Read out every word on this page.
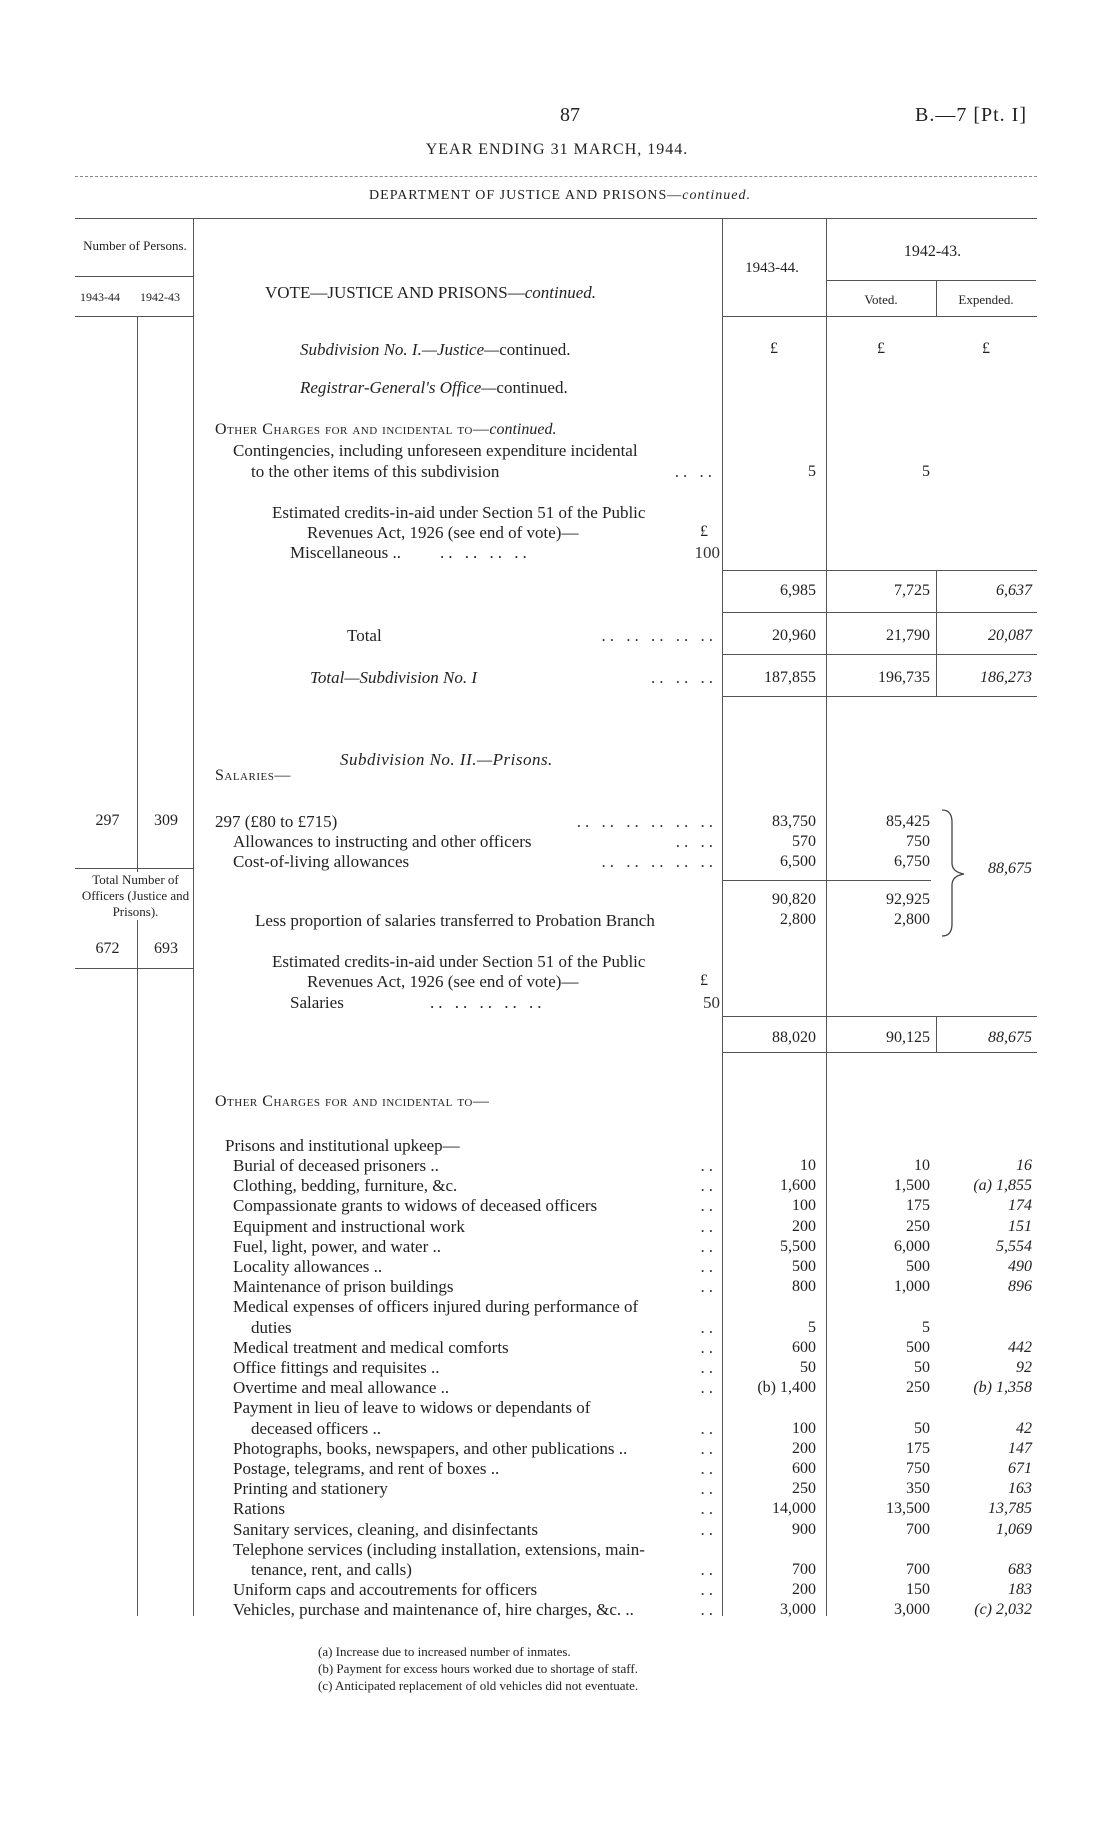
87	B.—7 [Pt. I]
YEAR ENDING 31 MARCH, 1944.
DEPARTMENT OF JUSTICE AND PRISONS—continued.
Number of Persons.
1943-44 1942-43	VOTE—JUSTICE AND PRISONS—continued.
1943-44.
1942-43.
Voted.	Expended.
£	£	£
Subdivision No. I.—Justice—continued.
Registrar-General's Office—continued.
Other Charges for and incidental to—continued.
Contingencies, including unforeseen expenditure incidental
to the other items of this subdivision	.. ..	5	5
Estimated credits-in-aid under Section 51 of the Public
Revenues Act, 1926 (see end of vote)—	£
Miscellaneous .. .. .. .. ..	100
6,985	7,725	6,637
Total	.. .. .. .. ..	20,960	21,790	20,087
Total—Subdivision No. I	.. .. ..	187,855	196,735	186,273
Subdivision No. II.—Prisons.
Salaries—
297	309
Total Number of Officers (Justice and Prisons).
672	693
297 (£80 to £715)	.. .. .. .. .. ..	83,750	85,425
Allowances to instructing and other officers	.. ..	570	750
Cost-of-living allowances	.. .. .. .. ..	6,500	6,750
90,820	92,925
Less proportion of salaries transferred to Probation Branch	2,800	2,800
88,675
Estimated credits-in-aid under Section 51 of the Public
Revenues Act, 1926 (see end of vote)—	£
Salaries	.. .. .. .. ..	50
88,020	90,125	88,675
Other Charges for and incidental to—
Prisons and institutional upkeep—
Burial of deceased prisoners ..	..	10	10	16
Clothing, bedding, furniture, &c.	..	1,600	1,500	(a) 1,855
Compassionate grants to widows of deceased officers	..	100	175	174
Equipment and instructional work	..	200	250	151
Fuel, light, power, and water ..	..	5,500	6,000	5,554
Locality allowances ..	..	500	500	490
Maintenance of prison buildings	..	800	1,000	896
Medical expenses of officers injured during performance of
duties	..	5	5
Medical treatment and medical comforts	..	600	500	442
Office fittings and requisites ..	..	50	50	92
Overtime and meal allowance ..	..	(b) 1,400	250	(b) 1,358
Payment in lieu of leave to widows or dependants of
deceased officers ..	..	100	50	42
Photographs, books, newspapers, and other publications ..	..	200	175	147
Postage, telegrams, and rent of boxes ..	..	600	750	671
Printing and stationery	..	250	350	163
Rations	..	14,000	13,500	13,785
Sanitary services, cleaning, and disinfectants	..	900	700	1,069
Telephone services (including installation, extensions, main-
tenance, rent, and calls)	..	700	700	683
Uniform caps and accoutrements for officers	..	200	150	183
Vehicles, purchase and maintenance of, hire charges, &c. ..	..	3,000	3,000	(c) 2,032
(a) Increase due to increased number of inmates.
(b) Payment for excess hours worked due to shortage of staff.
(c) Anticipated replacement of old vehicles did not eventuate.
